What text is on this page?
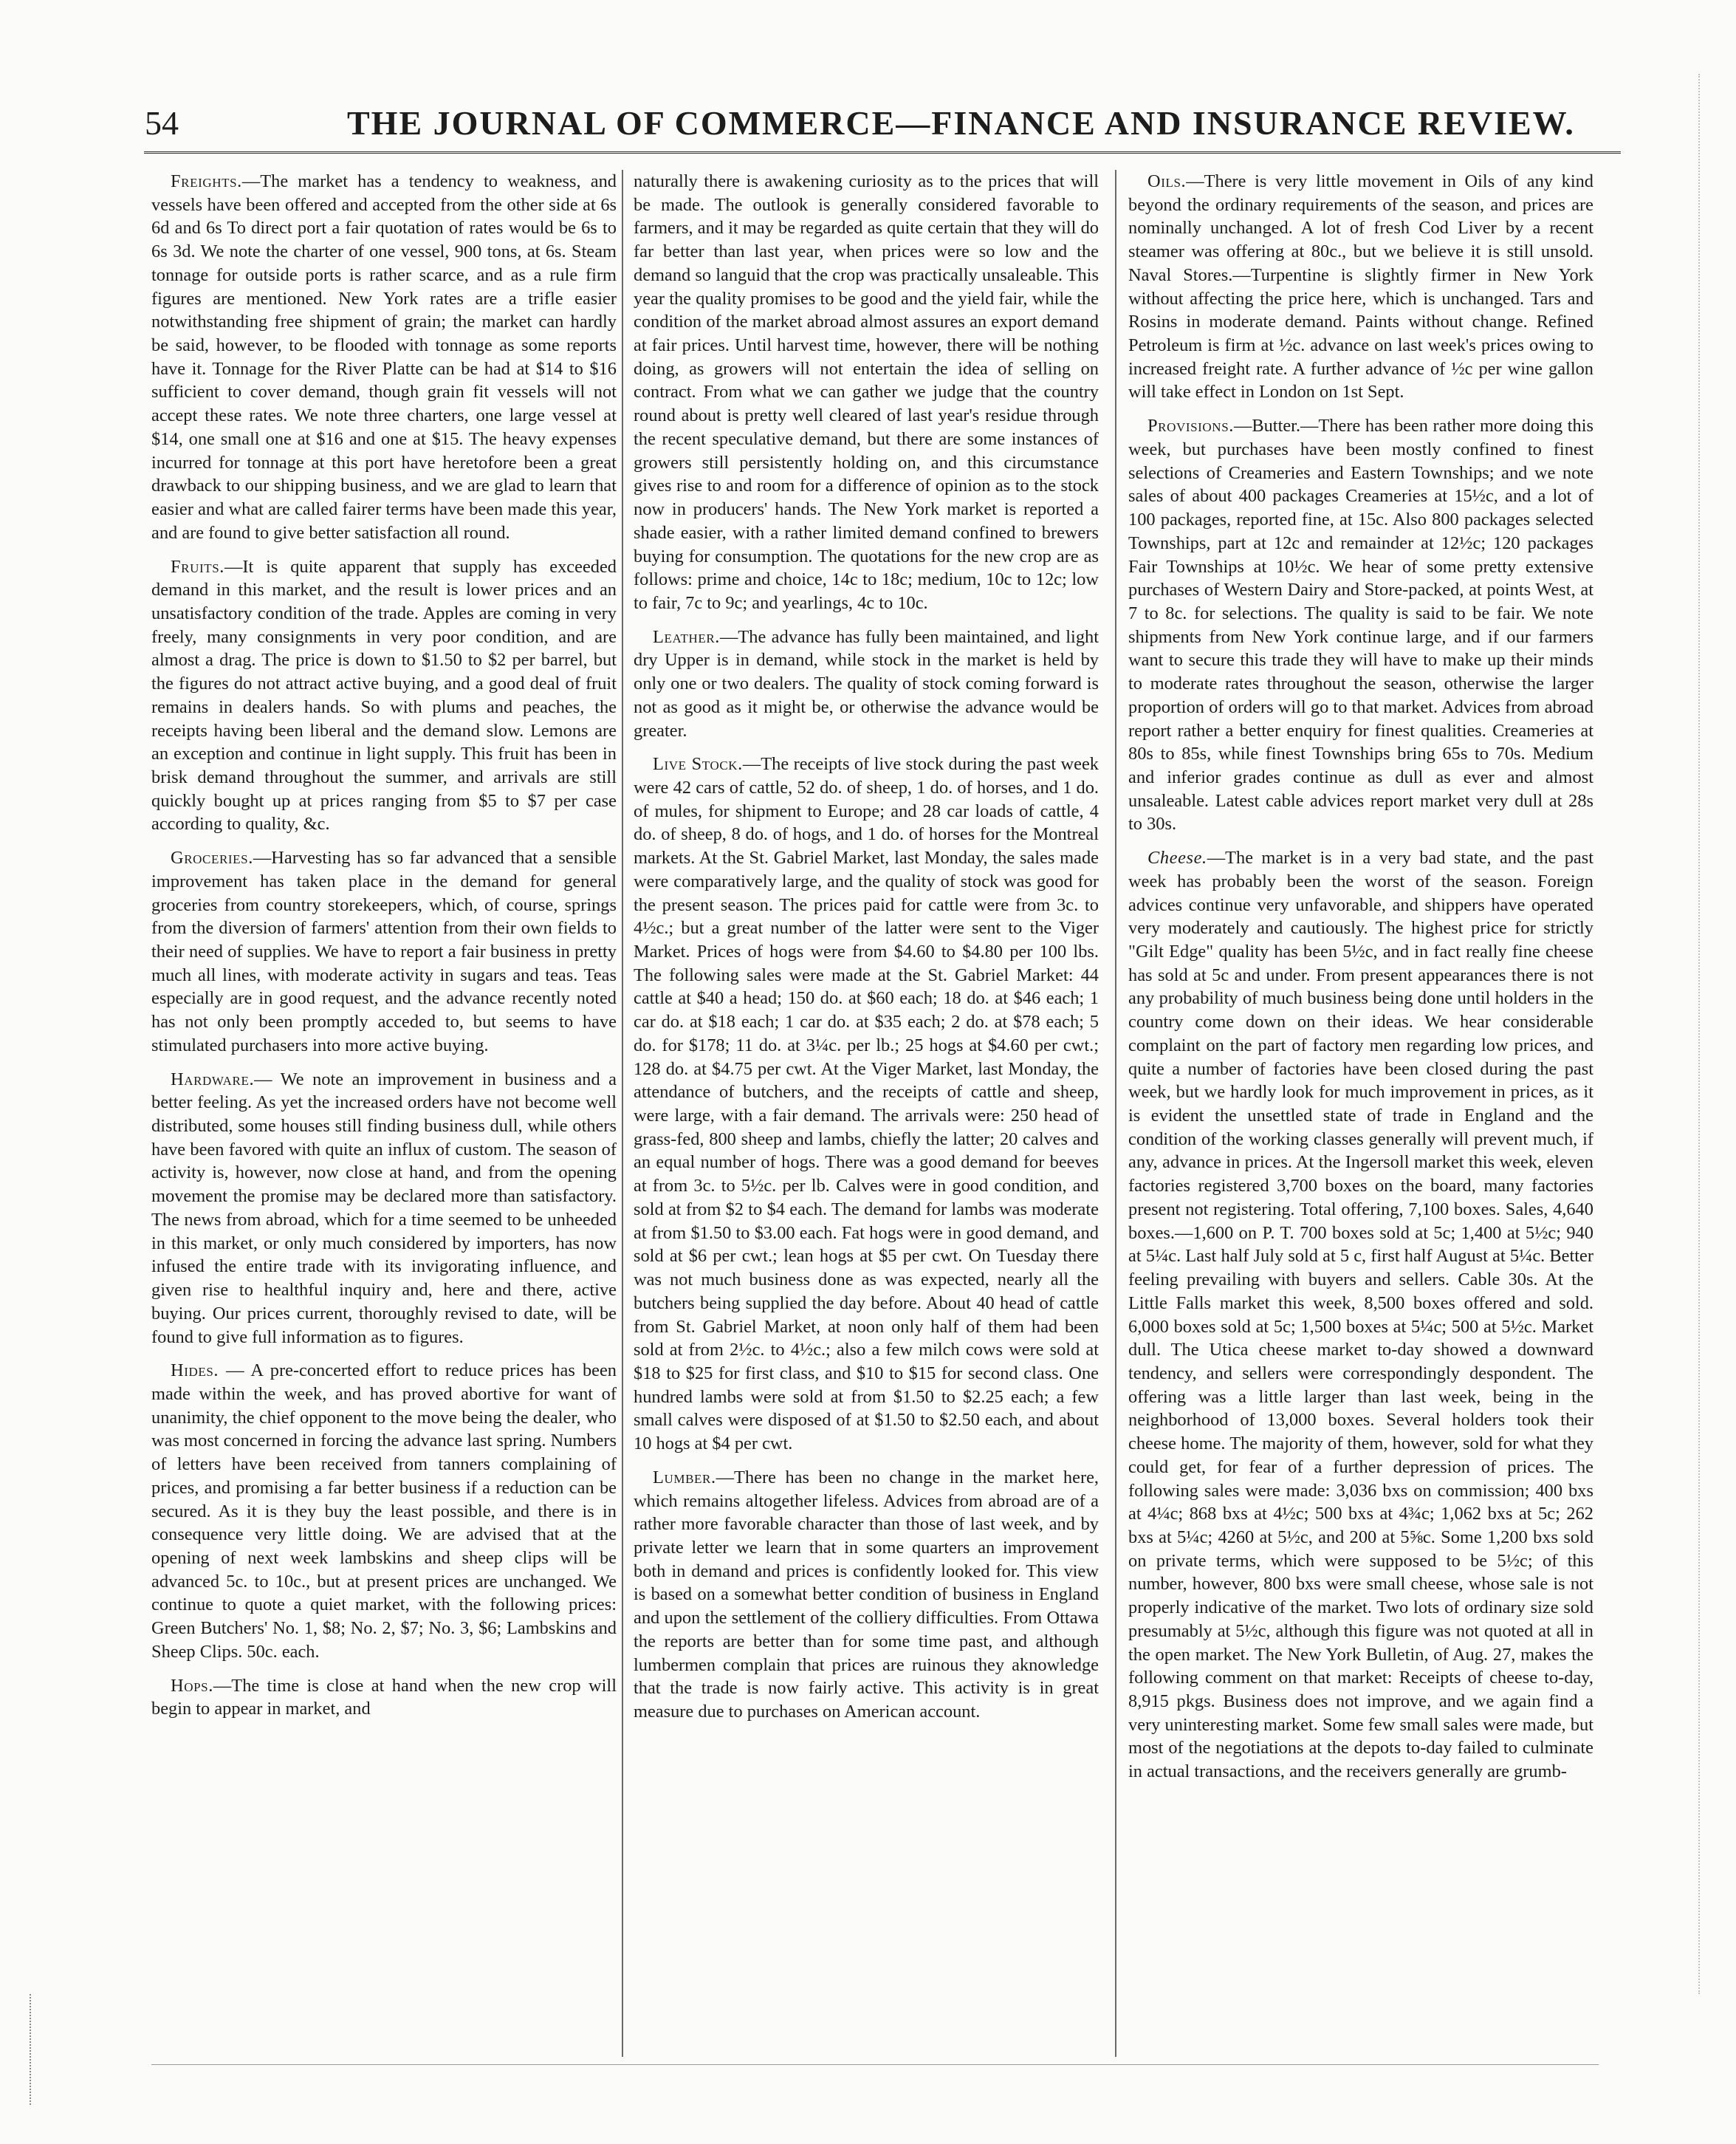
54	THE JOURNAL OF COMMERCE—FINANCE AND INSURANCE REVIEW.

Freights.—The market has a tendency to weakness, and vessels have been offered and accepted from the other side at 6s 6d and 6s To direct port a fair quotation of rates would be 6s to 6s 3d. We note the charter of one vessel, 900 tons, at 6s. Steam tonnage for outside ports is rather scarce, and as a rule firm figures are mentioned. New York rates are a trifle easier notwithstanding free shipment of grain; the market can hardly be said, however, to be flooded with tonnage as some reports have it. Tonnage for the River Platte can be had at $14 to $16 sufficient to cover demand, though grain fit vessels will not accept these rates. We note three charters, one large vessel at $14, one small one at $16 and one at $15. The heavy expenses incurred for tonnage at this port have heretofore been a great drawback to our shipping business, and we are glad to learn that easier and what are called fairer terms have been made this year, and are found to give better satisfaction all round.

Fruits.—It is quite apparent that supply has exceeded demand in this market, and the result is lower prices and an unsatisfactory condition of the trade. Apples are coming in very freely, many consignments in very poor condition, and are almost a drag. The price is down to $1.50 to $2 per barrel, but the figures do not attract active buying, and a good deal of fruit remains in dealers hands. So with plums and peaches, the receipts having been liberal and the demand slow. Lemons are an exception and continue in light supply. This fruit has been in brisk demand throughout the summer, and arrivals are still quickly bought up at prices ranging from $5 to $7 per case according to quality, &c.

Groceries.—Harvesting has so far advanced that a sensible improvement has taken place in the demand for general groceries from country storekeepers, which, of course, springs from the diversion of farmers' attention from their own fields to their need of supplies. We have to report a fair business in pretty much all lines, with moderate activity in sugars and teas. Teas especially are in good request, and the advance recently noted has not only been promptly acceded to, but seems to have stimulated purchasers into more active buying.

Hardware.— We note an improvement in business and a better feeling. As yet the increased orders have not become well distributed, some houses still finding business dull, while others have been favored with quite an influx of custom. The season of activity is, however, now close at hand, and from the opening movement the promise may be declared more than satisfactory. The news from abroad, which for a time seemed to be unheeded in this market, or only much considered by importers, has now infused the entire trade with its invigorating influence, and given rise to healthful inquiry and, here and there, active buying. Our prices current, thoroughly revised to date, will be found to give full information as to figures.

Hides. — A pre-concerted effort to reduce prices has been made within the week, and has proved abortive for want of unanimity, the chief opponent to the move being the dealer, who was most concerned in forcing the advance last spring. Numbers of letters have been received from tanners complaining of prices, and promising a far better business if a reduction can be secured. As it is they buy the least possible, and there is in consequence very little doing. We are advised that at the opening of next week lambskins and sheep clips will be advanced 5c. to 10c., but at present prices are unchanged. We continue to quote a quiet market, with the following prices: Green Butchers' No. 1, $8; No. 2, $7; No. 3, $6; Lambskins and Sheep Clips. 50c. each.

Hops.—The time is close at hand when the new crop will begin to appear in market, and

naturally there is awakening curiosity as to the prices that will be made. The outlook is generally considered favorable to farmers, and it may be regarded as quite certain that they will do far better than last year, when prices were so low and the demand so languid that the crop was practically unsaleable. This year the quality promises to be good and the yield fair, while the condition of the market abroad almost assures an export demand at fair prices. Until harvest time, however, there will be nothing doing, as growers will not entertain the idea of selling on contract. From what we can gather we judge that the country round about is pretty well cleared of last year's residue through the recent speculative demand, but there are some instances of growers still persistently holding on, and this circumstance gives rise to and room for a difference of opinion as to the stock now in producers' hands. The New York market is reported a shade easier, with a rather limited demand confined to brewers buying for consumption. The quotations for the new crop are as follows: prime and choice, 14c to 18c; medium, 10c to 12c; low to fair, 7c to 9c; and yearlings, 4c to 10c.

Leather.—The advance has fully been maintained, and light dry Upper is in demand, while stock in the market is held by only one or two dealers. The quality of stock coming forward is not as good as it might be, or otherwise the advance would be greater.

Live Stock.—The receipts of live stock during the past week were 42 cars of cattle, 52 do. of sheep, 1 do. of horses, and 1 do. of mules, for shipment to Europe; and 28 car loads of cattle, 4 do. of sheep, 8 do. of hogs, and 1 do. of horses for the Montreal markets. At the St. Gabriel Market, last Monday, the sales made were comparatively large, and the quality of stock was good for the present season. The prices paid for cattle were from 3c. to 4½c.; but a great number of the latter were sent to the Viger Market. Prices of hogs were from $4.60 to $4.80 per 100 lbs. The following sales were made at the St. Gabriel Market: 44 cattle at $40 a head; 150 do. at $60 each; 18 do. at $46 each; 1 car do. at $18 each; 1 car do. at $35 each; 2 do. at $78 each; 5 do. for $178; 11 do. at 3¼c. per lb.; 25 hogs at $4.60 per cwt.; 128 do. at $4.75 per cwt. At the Viger Market, last Monday, the attendance of butchers, and the receipts of cattle and sheep, were large, with a fair demand. The arrivals were: 250 head of grass-fed, 800 sheep and lambs, chiefly the latter; 20 calves and an equal number of hogs. There was a good demand for beeves at from 3c. to 5½c. per lb. Calves were in good condition, and sold at from $2 to $4 each. The demand for lambs was moderate at from $1.50 to $3.00 each. Fat hogs were in good demand, and sold at $6 per cwt.; lean hogs at $5 per cwt. On Tuesday there was not much business done as was expected, nearly all the butchers being supplied the day before. About 40 head of cattle from St. Gabriel Market, at noon only half of them had been sold at from 2½c. to 4½c.; also a few milch cows were sold at $18 to $25 for first class, and $10 to $15 for second class. One hundred lambs were sold at from $1.50 to $2.25 each; a few small calves were disposed of at $1.50 to $2.50 each, and about 10 hogs at $4 per cwt.

Lumber.—There has been no change in the market here, which remains altogether lifeless. Advices from abroad are of a rather more favorable character than those of last week, and by private letter we learn that in some quarters an improvement both in demand and prices is confidently looked for. This view is based on a somewhat better condition of business in England and upon the settlement of the colliery difficulties. From Ottawa the reports are better than for some time past, and although lumbermen complain that prices are ruinous they aknowledge that the trade is now fairly active. This activity is in great measure due to purchases on American account.

Oils.—There is very little movement in Oils of any kind beyond the ordinary requirements of the season, and prices are nominally unchanged. A lot of fresh Cod Liver by a recent steamer was offering at 80c., but we believe it is still unsold. Naval Stores.—Turpentine is slightly firmer in New York without affecting the price here, which is unchanged. Tars and Rosins in moderate demand. Paints without change. Refined Petroleum is firm at ½c. advance on last week's prices owing to increased freight rate. A further advance of ½c per wine gallon will take effect in London on 1st Sept.

Provisions.—Butter.—There has been rather more doing this week, but purchases have been mostly confined to finest selections of Creameries and Eastern Townships; and we note sales of about 400 packages Creameries at 15½c, and a lot of 100 packages, reported fine, at 15c. Also 800 packages selected Townships, part at 12c and remainder at 12½c; 120 packages Fair Townships at 10½c. We hear of some pretty extensive purchases of Western Dairy and Store-packed, at points West, at 7 to 8c. for selections. The quality is said to be fair. We note shipments from New York continue large, and if our farmers want to secure this trade they will have to make up their minds to moderate rates throughout the season, otherwise the larger proportion of orders will go to that market. Advices from abroad report rather a better enquiry for finest qualities. Creameries at 80s to 85s, while finest Townships bring 65s to 70s. Medium and inferior grades continue as dull as ever and almost unsaleable. Latest cable advices report market very dull at 28s to 30s.

Cheese.—The market is in a very bad state, and the past week has probably been the worst of the season. Foreign advices continue very unfavorable, and shippers have operated very moderately and cautiously. The highest price for strictly "Gilt Edge" quality has been 5½c, and in fact really fine cheese has sold at 5c and under. From present appearances there is not any probability of much business being done until holders in the country come down on their ideas. We hear considerable complaint on the part of factory men regarding low prices, and quite a number of factories have been closed during the past week, but we hardly look for much improvement in prices, as it is evident the unsettled state of trade in England and the condition of the working classes generally will prevent much, if any, advance in prices. At the Ingersoll market this week, eleven factories registered 3,700 boxes on the board, many factories present not registering. Total offering, 7,100 boxes. Sales, 4,640 boxes.—1,600 on P. T. 700 boxes sold at 5c; 1,400 at 5½c; 940 at 5¼c. Last half July sold at 5 c, first half August at 5¼c. Better feeling prevailing with buyers and sellers. Cable 30s. At the Little Falls market this week, 8,500 boxes offered and sold. 6,000 boxes sold at 5c; 1,500 boxes at 5¼c; 500 at 5½c. Market dull. The Utica cheese market to-day showed a downward tendency, and sellers were correspondingly despondent. The offering was a little larger than last week, being in the neighborhood of 13,000 boxes. Several holders took their cheese home. The majority of them, however, sold for what they could get, for fear of a further depression of prices. The following sales were made: 3,036 bxs on commission; 400 bxs at 4¼c; 868 bxs at 4½c; 500 bxs at 4¾c; 1,062 bxs at 5c; 262 bxs at 5¼c; 4260 at 5½c, and 200 at 5⅝c. Some 1,200 bxs sold on private terms, which were supposed to be 5½c; of this number, however, 800 bxs were small cheese, whose sale is not properly indicative of the market. Two lots of ordinary size sold presumably at 5½c, although this figure was not quoted at all in the open market. The New York Bulletin, of Aug. 27, makes the following comment on that market: Receipts of cheese to-day, 8,915 pkgs. Business does not improve, and we again find a very uninteresting market. Some few small sales were made, but most of the negotiations at the depots to-day failed to culminate in actual transactions, and the receivers generally are grumb-
